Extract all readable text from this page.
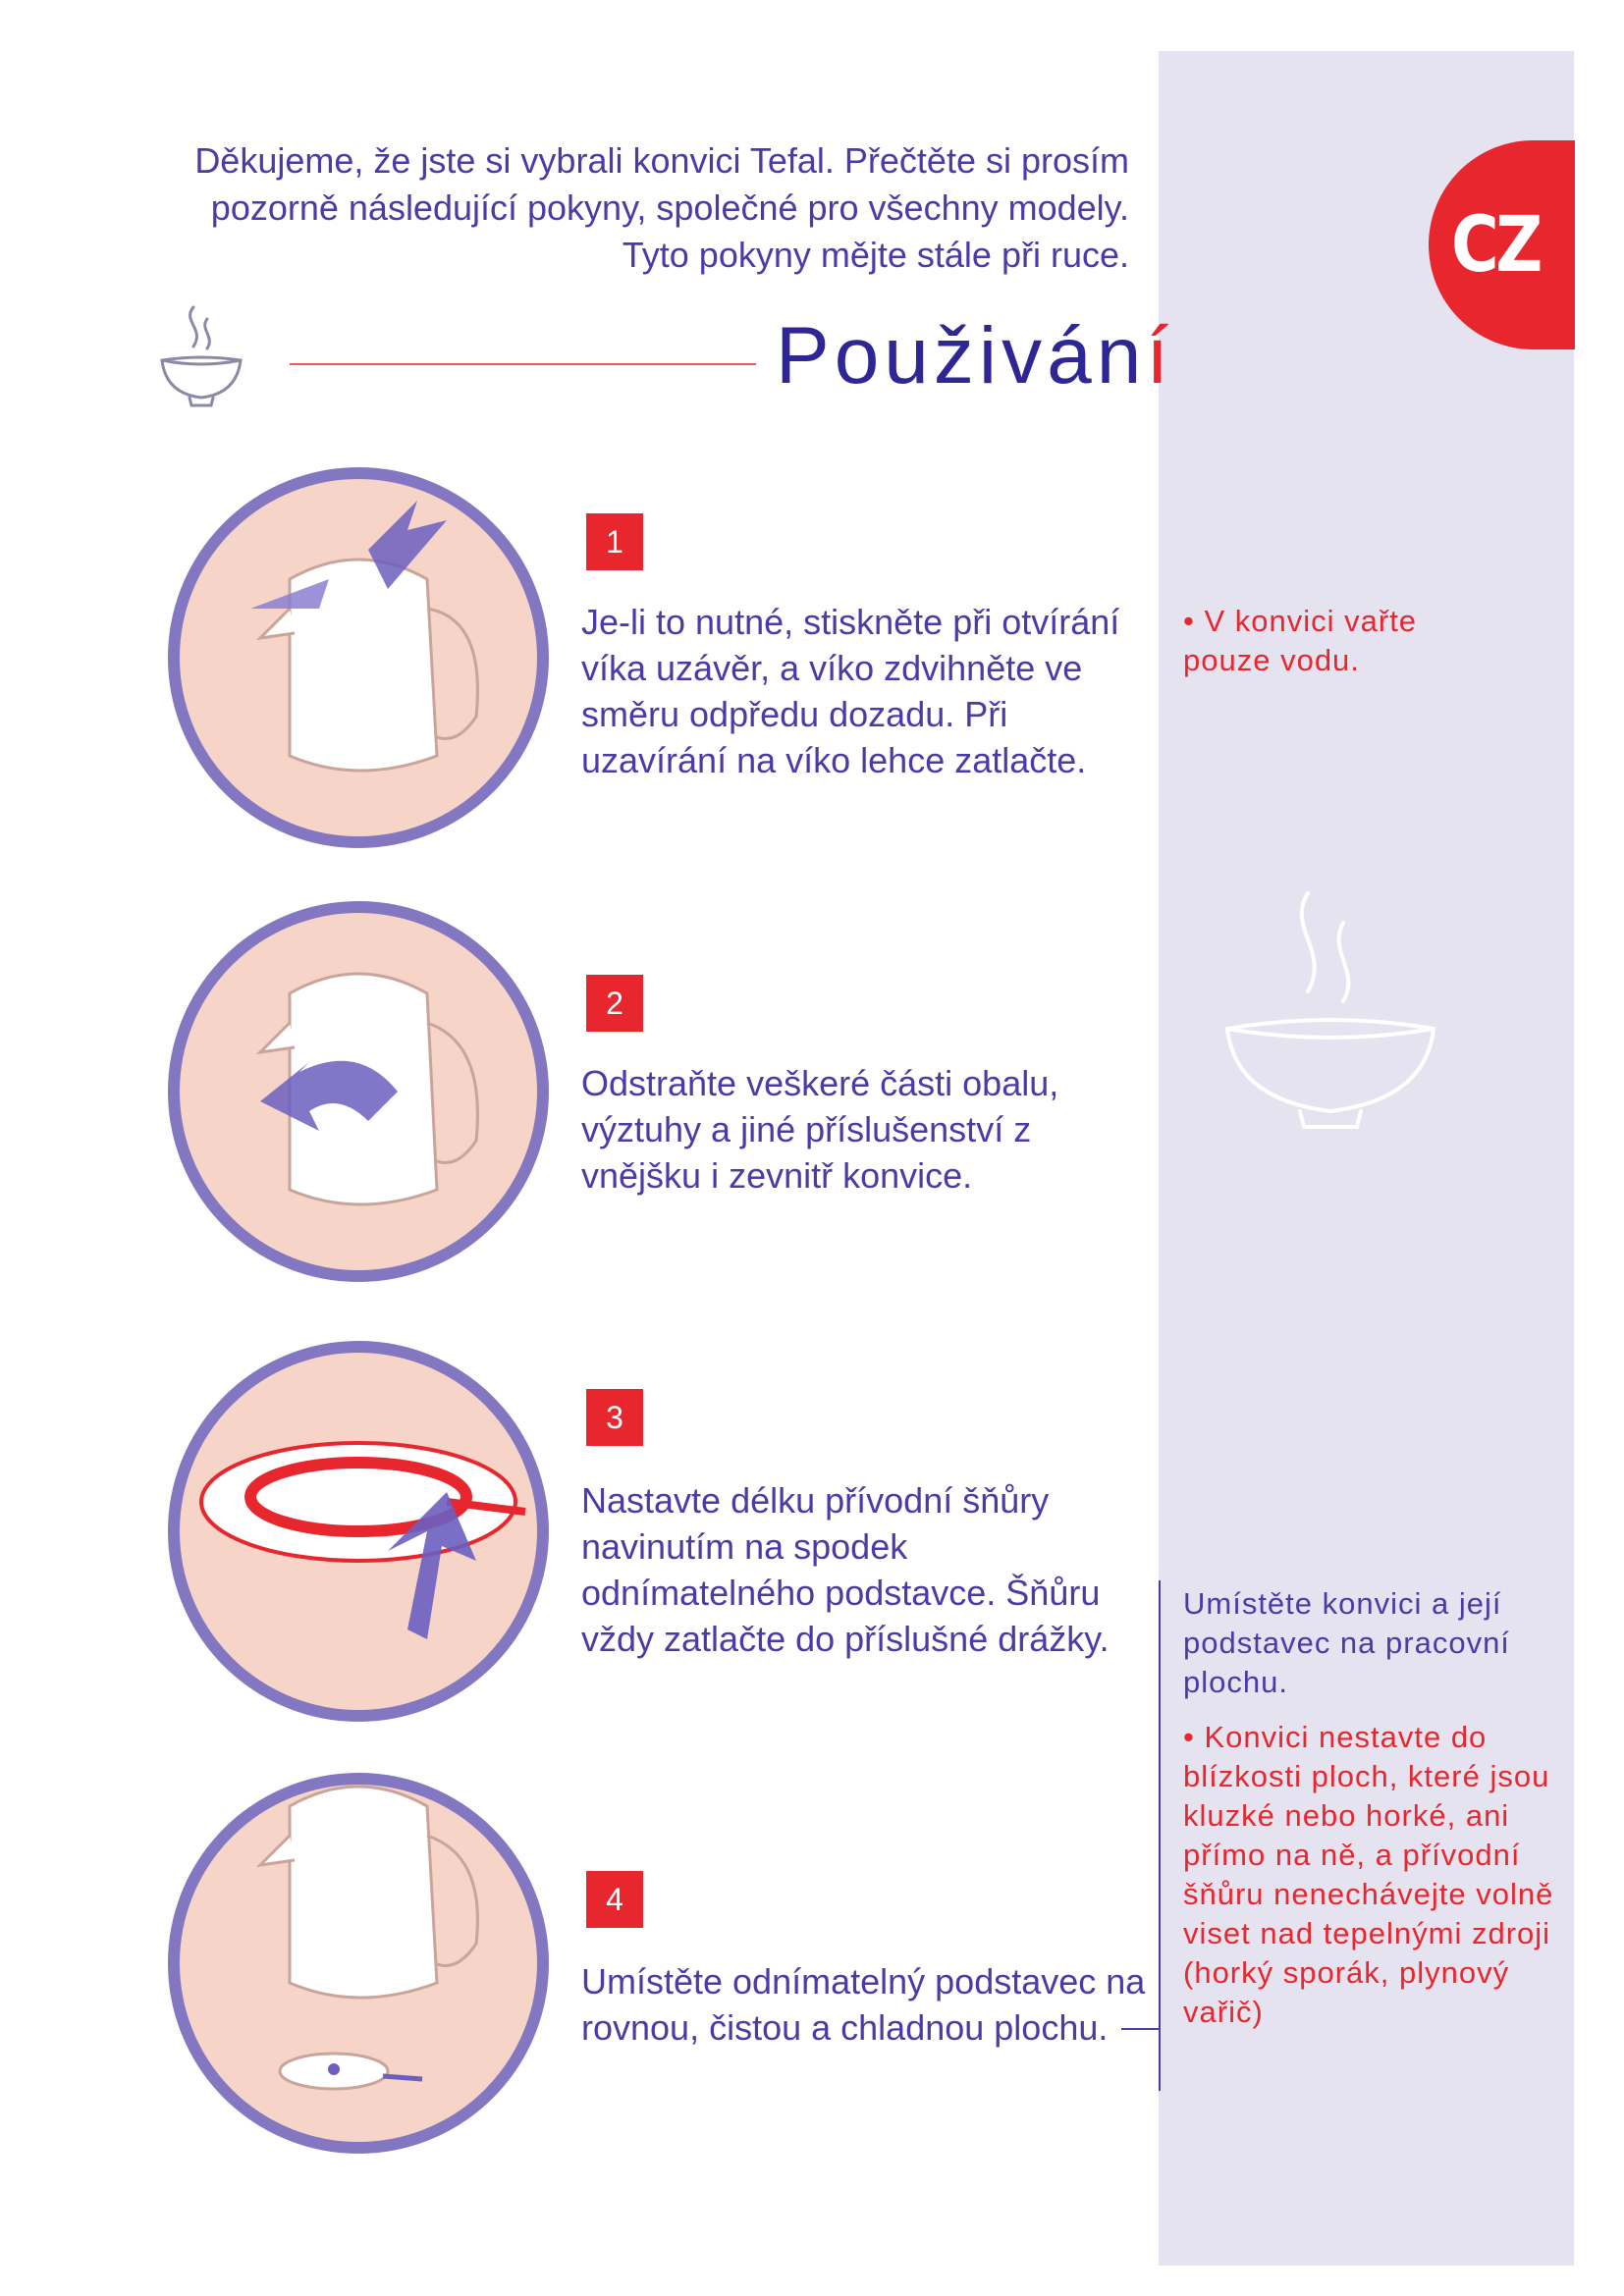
CZ
Děkujeme, že jste si vybrali konvici Tefal. Přečtěte si prosím
pozorně následující pokyny, společné pro všechny modely.
Tyto pokyny mějte stále při ruce.
Použivání
1
Je-li to nutné, stiskněte při otvírání víka uzávěr, a víko zdvihněte ve směru odpředu dozadu. Při uzavírání na víko lehce zatlačte.
2
Odstraňte veškeré části obalu, výztuhy a jiné příslušenství z vnějšku i zevnitř konvice.
3
Nastavte délku přívodní šňůry navinutím na spodek odnímatelného podstavce. Šňůru vždy zatlačte do příslušné drážky.
4
Umístěte odnímatelný podstavec na rovnou, čistou a chladnou plochu.
• V konvici vařte pouze vodu.
Umístěte konvici a její podstavec na pracovní plochu.
• Konvici nestavte do blízkosti ploch, které jsou kluzké nebo horké, ani přímo na ně, a přívodní šňůru nenechávejte volně viset nad tepelnými zdroji (horký sporák, plynový vařič)
